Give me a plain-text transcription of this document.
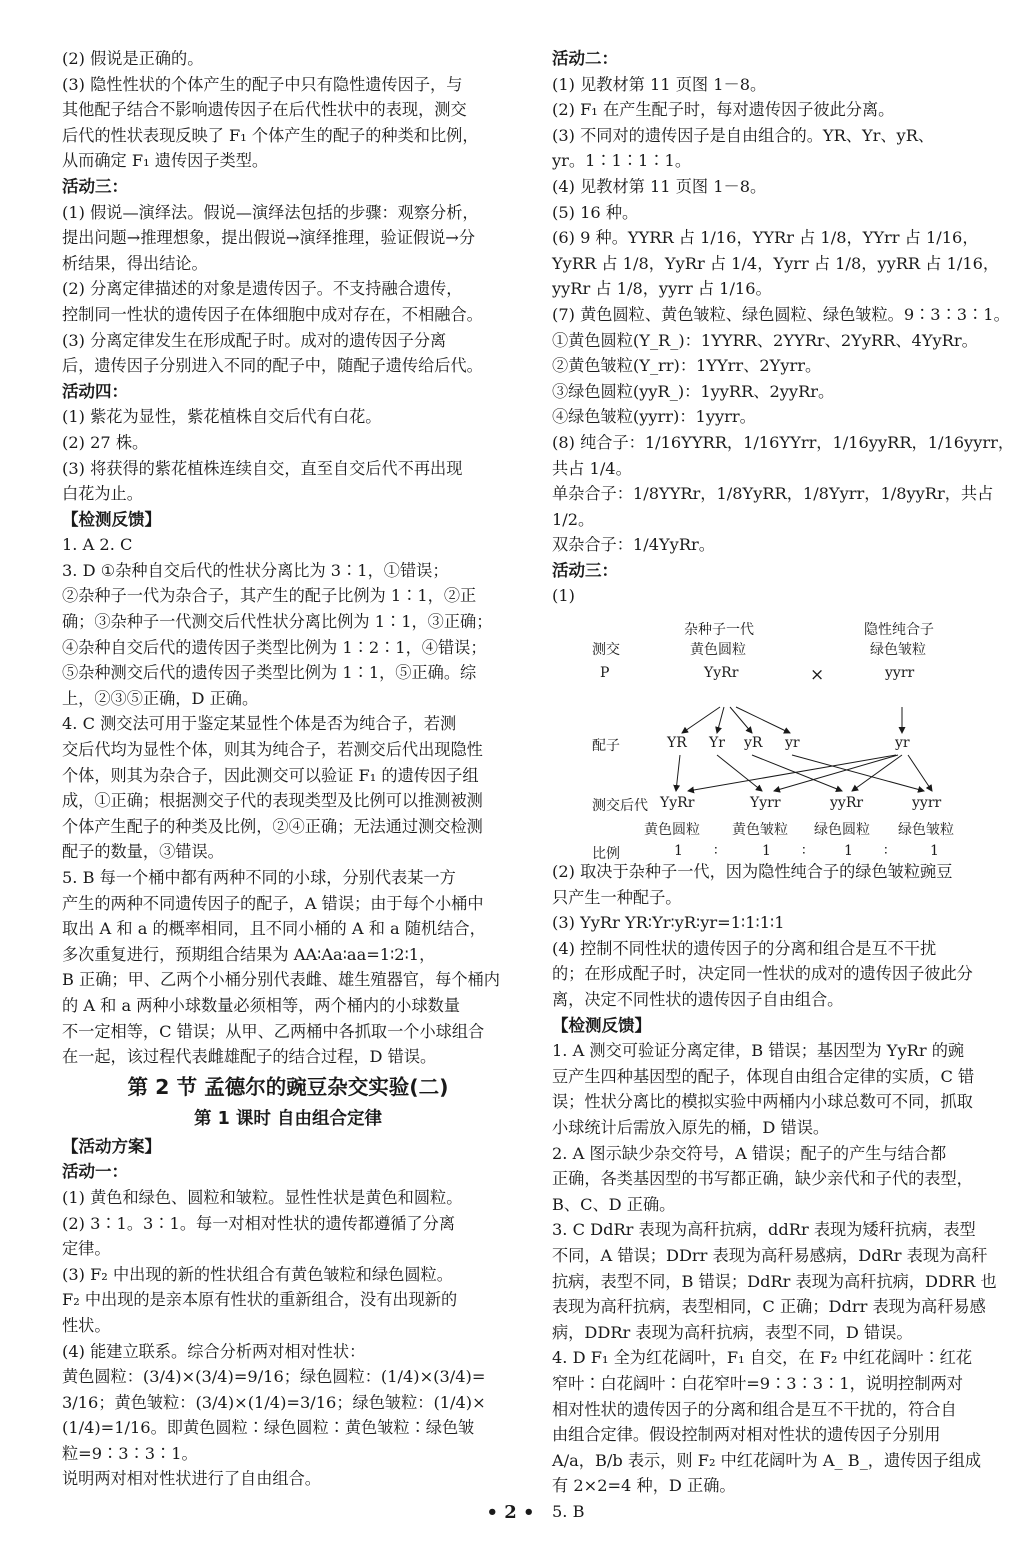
(2) 假说是正确的。
(3) 隐性性状的个体产生的配子中只有隐性遗传因子，与
其他配子结合不影响遗传因子在后代性状中的表现，测交
后代的性状表现反映了 F₁ 个体产生的配子的种类和比例，
从而确定 F₁ 遗传因子类型。
活动三：
(1) 假说—演绎法。假说—演绎法包括的步骤：观察分析，
提出问题→推理想象，提出假说→演绎推理，验证假说→分
析结果，得出结论。
(2) 分离定律描述的对象是遗传因子。不支持融合遗传，
控制同一性状的遗传因子在体细胞中成对存在，不相融合。
(3) 分离定律发生在形成配子时。成对的遗传因子分离
后，遗传因子分别进入不同的配子中，随配子遗传给后代。
活动四：
(1) 紫花为显性，紫花植株自交后代有白花。
(2) 27 株。
(3) 将获得的紫花植株连续自交，直至自交后代不再出现
白花为止。
【检测反馈】
1. A 2. C
3. D ①杂种自交后代的性状分离比为 3∶1，①错误；
②杂种子一代为杂合子，其产生的配子比例为 1∶1，②正
确；③杂种子一代测交后代性状分离比例为 1∶1，③正确；
④杂种自交后代的遗传因子类型比例为 1∶2∶1，④错误；
⑤杂种测交后代的遗传因子类型比例为 1∶1，⑤正确。综
上，②③⑤正确，D 正确。
4. C 测交法可用于鉴定某显性个体是否为纯合子，若测
交后代均为显性个体，则其为纯合子，若测交后代出现隐性
个体，则其为杂合子，因此测交可以验证 F₁ 的遗传因子组
成，①正确；根据测交子代的表现类型及比例可以推测被测
个体产生配子的种类及比例，②④正确；无法通过测交检测
配子的数量，③错误。
5. B 每一个桶中都有两种不同的小球，分别代表某一方
产生的两种不同遗传因子的配子，A 错误；由于每个小桶中
取出 A 和 a 的概率相同，且不同小桶的 A 和 a 随机结合，
多次重复进行，预期组合结果为 AA∶Aa∶aa=1∶2∶1，
B 正确；甲、乙两个小桶分别代表雌、雄生殖器官，每个桶内
的 A 和 a 两种小球数量必须相等，两个桶内的小球数量
不一定相等，C 错误；从甲、乙两桶中各抓取一个小球组合
在一起，该过程代表雌雄配子的结合过程，D 错误。
第 2 节 孟德尔的豌豆杂交实验(二)
第 1 课时 自由组合定律
【活动方案】
活动一：
(1) 黄色和绿色、圆粒和皱粒。显性性状是黄色和圆粒。
(2) 3∶1。3∶1。每一对相对性状的遗传都遵循了分离
定律。
(3) F₂ 中出现的新的性状组合有黄色皱粒和绿色圆粒。
F₂ 中出现的是亲本原有性状的重新组合，没有出现新的
性状。
(4) 能建立联系。综合分析两对相对性状：
黄色圆粒：(3/4)×(3/4)=9/16；绿色圆粒：(1/4)×(3/4)=
3/16；黄色皱粒：(3/4)×(1/4)=3/16；绿色皱粒：(1/4)×
(1/4)=1/16。即黄色圆粒∶绿色圆粒∶黄色皱粒∶绿色皱
粒=9∶3∶3∶1。
说明两对相对性状进行了自由组合。
活动二：
(1) 见教材第 11 页图 1－8。
(2) F₁ 在产生配子时，每对遗传因子彼此分离。
(3) 不同对的遗传因子是自由组合的。YR、Yr、yR、
yr。1∶1∶1∶1。
(4) 见教材第 11 页图 1－8。
(5) 16 种。
(6) 9 种。YYRR 占 1/16，YYRr 占 1/8，YYrr 占 1/16，
YyRR 占 1/8，YyRr 占 1/4，Yyrr 占 1/8，yyRR 占 1/16，
yyRr 占 1/8，yyrr 占 1/16。
(7) 黄色圆粒、黄色皱粒、绿色圆粒、绿色皱粒。9∶3∶3∶1。
①黄色圆粒(Y_R_)：1YYRR、2YYRr、2YyRR、4YyRr。
②黄色皱粒(Y_rr)：1YYrr、2Yyrr。
③绿色圆粒(yyR_)：1yyRR、2yyRr。
④绿色皱粒(yyrr)：1yyrr。
(8) 纯合子：1/16YYRR，1/16YYrr，1/16yyRR，1/16yyrr，
共占 1/4。
单杂合子：1/8YYRr，1/8YyRR，1/8Yyrr，1/8yyRr，共占
1/2。
双杂合子：1/4YyRr。
活动三：
(1)
测交
P
杂种子一代
黄色圆粒
YyRr	×
隐性纯合子
绿色皱粒
yyrr
配子	YR Yr yR yr	yr
测交后代 YyRr	Yyrr	yyRr	yyrr
黄色圆粒 黄色皱粒 绿色圆粒 绿色皱粒
比例	1 ∶	1 ∶	1 ∶	1
(2) 取决于杂种子一代，因为隐性纯合子的绿色皱粒豌豆
只产生一种配子。
(3) YyRr YR∶Yr∶yR∶yr=1∶1∶1∶1
(4) 控制不同性状的遗传因子的分离和组合是互不干扰
的；在形成配子时，决定同一性状的成对的遗传因子彼此分
离，决定不同性状的遗传因子自由组合。
【检测反馈】
1. A 测交可验证分离定律，B 错误；基因型为 YyRr 的豌
豆产生四种基因型的配子，体现自由组合定律的实质，C 错
误；性状分离比的模拟实验中两桶内小球总数可不同，抓取
小球统计后需放入原先的桶，D 错误。
2. A 图示缺少杂交符号，A 错误；配子的产生与结合都
正确，各类基因型的书写都正确，缺少亲代和子代的表型，
B、C、D 正确。
3. C DdRr 表现为高秆抗病，ddRr 表现为矮秆抗病，表型
不同，A 错误；DDrr 表现为高秆易感病，DdRr 表现为高秆
抗病，表型不同，B 错误；DdRr 表现为高秆抗病，DDRR 也
表现为高秆抗病，表型相同，C 正确；Ddrr 表现为高秆易感
病，DDRr 表现为高秆抗病，表型不同，D 错误。
4. D F₁ 全为红花阔叶，F₁ 自交，在 F₂ 中红花阔叶∶红花
窄叶∶白花阔叶∶白花窄叶=9∶3∶3∶1，说明控制两对
相对性状的遗传因子的分离和组合是互不干扰的，符合自
由组合定律。假设控制两对相对性状的遗传因子分别用
A/a，B/b 表示，则 F₂ 中红花阔叶为 A_ B_，遗传因子组成
有 2×2=4 种，D 正确。
5. B
• 2 •
